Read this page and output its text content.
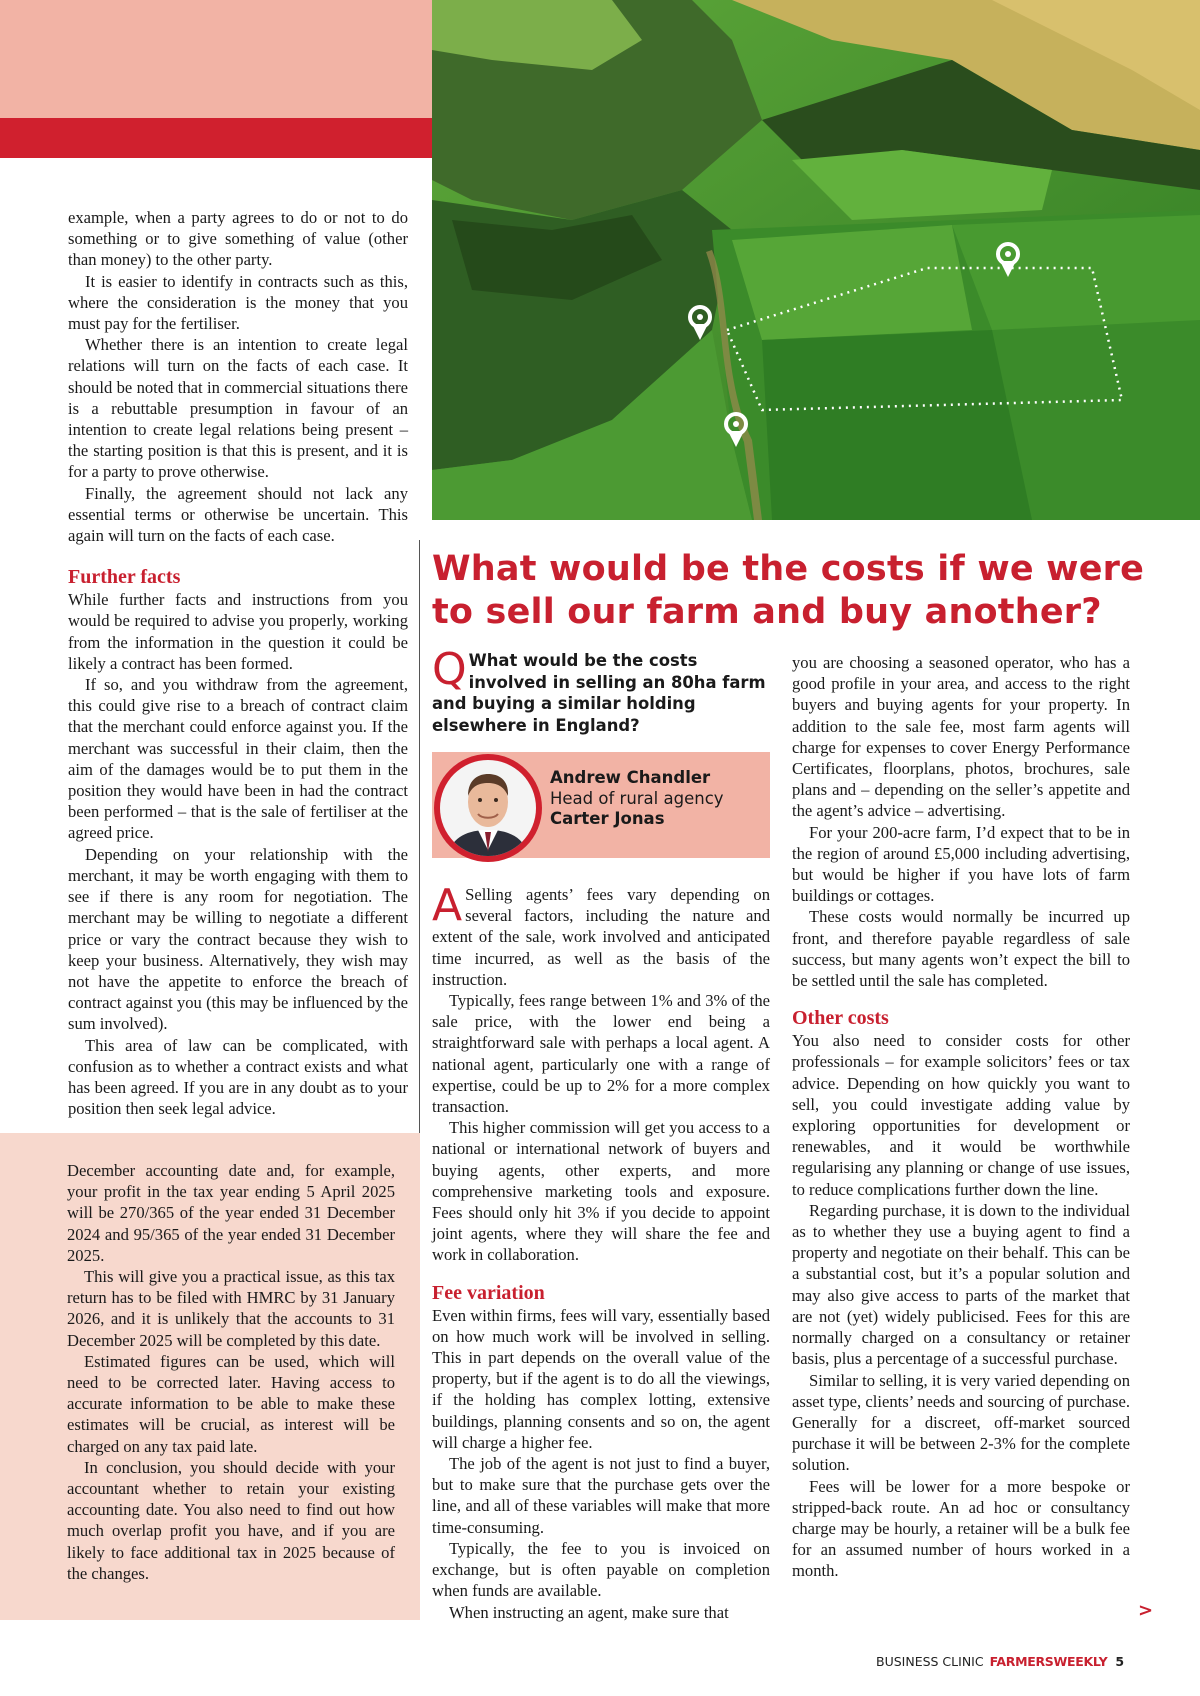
example, when a party agrees to do or not to do something or to give something of value (other than money) to the other party.

It is easier to identify in contracts such as this, where the consideration is the money that you must pay for the fertiliser.

Whether there is an intention to create legal relations will turn on the facts of each case. It should be noted that in commercial situations there is a rebuttable presumption in favour of an intention to create legal relations being present – the starting position is that this is present, and it is for a party to prove otherwise.

Finally, the agreement should not lack any essential terms or otherwise be uncertain. This again will turn on the facts of each case.

Further facts

While further facts and instructions from you would be required to advise you properly, working from the information in the question it could be likely a contract has been formed.

If so, and you withdraw from the agreement, this could give rise to a breach of contract claim that the merchant could enforce against you. If the merchant was successful in their claim, then the aim of the damages would be to put them in the position they would have been in had the contract been performed – that is the sale of fertiliser at the agreed price.

Depending on your relationship with the merchant, it may be worth engaging with them to see if there is any room for negotiation. The merchant may be willing to negotiate a different price or vary the contract because they wish to keep your business. Alternatively, they wish may not have the appetite to enforce the breach of contract against you (this may be influenced by the sum involved).

This area of law can be complicated, with confusion as to whether a contract exists and what has been agreed. If you are in any doubt as to your position then seek legal advice.

December accounting date and, for example, your profit in the tax year ending 5 April 2025 will be 270/365 of the year ended 31 December 2024 and 95/365 of the year ended 31 December 2025.

This will give you a practical issue, as this tax return has to be filed with HMRC by 31 January 2026, and it is unlikely that the accounts to 31 December 2025 will be completed by this date.

Estimated figures can be used, which will need to be corrected later. Having access to accurate information to be able to make these estimates will be crucial, as interest will be charged on any tax paid late.

In conclusion, you should decide with your accountant whether to retain your existing accounting date. You also need to find out how much overlap profit you have, and if you are likely to face additional tax in 2025 because of the changes.

What would be the costs if we were to sell our farm and buy another?
Q What would be the costs involved in selling an 80ha farm and buying a similar holding elsewhere in England?
Andrew Chandler
Head of rural agency
Carter Jonas

A Selling agents’ fees vary depending on several factors, including the nature and extent of the sale, work involved and anticipated time incurred, as well as the basis of the instruction.

Typically, fees range between 1% and 3% of the sale price, with the lower end being a straightforward sale with perhaps a local agent. A national agent, particularly one with a range of expertise, could be up to 2% for a more complex transaction.

This higher commission will get you access to a national or international network of buyers and buying agents, other experts, and more comprehensive marketing tools and exposure. Fees should only hit 3% if you decide to appoint joint agents, where they will share the fee and work in collaboration.

Fee variation

Even within firms, fees will vary, essentially based on how much work will be involved in selling. This in part depends on the overall value of the property, but if the agent is to do all the viewings, if the holding has complex lotting, extensive buildings, planning consents and so on, the agent will charge a higher fee.

The job of the agent is not just to find a buyer, but to make sure that the purchase gets over the line, and all of these variables will make that more time-consuming.

Typically, the fee to you is invoiced on exchange, but is often payable on completion when funds are available.

When instructing an agent, make sure that

you are choosing a seasoned operator, who has a good profile in your area, and access to the right buyers and buying agents for your property. In addition to the sale fee, most farm agents will charge for expenses to cover Energy Performance Certificates, floorplans, photos, brochures, sale plans and – depending on the seller’s appetite and the agent’s advice – advertising.

For your 200-acre farm, I’d expect that to be in the region of around £5,000 including advertising, but would be higher if you have lots of farm buildings or cottages.

These costs would normally be incurred up front, and therefore payable regardless of sale success, but many agents won’t expect the bill to be settled until the sale has completed.

Other costs

You also need to consider costs for other professionals – for example solicitors’ fees or tax advice. Depending on how quickly you want to sell, you could investigate adding value by exploring opportunities for development or renewables, and it would be worthwhile regularising any planning or change of use issues, to reduce complications further down the line.

Regarding purchase, it is down to the individual as to whether they use a buying agent to find a property and negotiate on their behalf. This can be a substantial cost, but it’s a popular solution and may also give access to parts of the market that are not (yet) widely publicised. Fees for this are normally charged on a consultancy or retainer basis, plus a percentage of a successful purchase.

Similar to selling, it is very varied depending on asset type, clients’ needs and sourcing of purchase. Generally for a discreet, off-market sourced purchase it will be between 2-3% for the complete solution.

Fees will be lower for a more bespoke or stripped-back route. An ad hoc or consultancy charge may be hourly, a retainer will be a bulk fee for an assumed number of hours worked in a month.

>
BUSINESS CLINIC FARMERSWEEKLY 5
